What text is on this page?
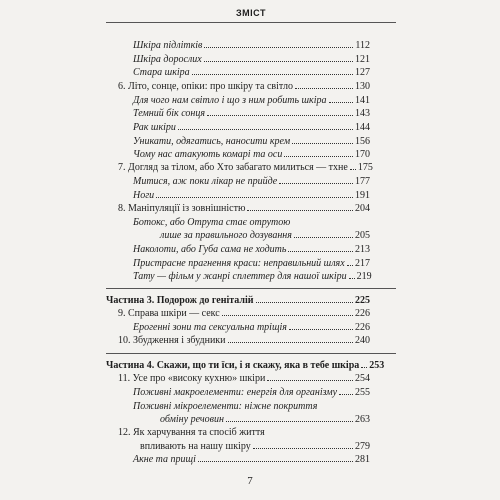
ЗМІСТ
Шкіра підлітків	112
Шкіра дорослих	121
Стара шкіра	127
6. Літо, сонце, опіки: про шкіру та світло	130
Для чого нам світло і що з ним робить шкіра	141
Темний бік сонця	143
Рак шкіри	144
Уникати, одягатись, наносити крем	156
Чому нас атакують комарі та оси	170
7. Догляд за тілом, або Хто забагато милиться — тхне 175
Митися, аж поки лікар не прийде	177
Ноги	191
8. Маніпуляції із зовнішністю	204
Ботокс, або Отрута стає отрутою
лише за правильного дозування	205
Наколоти, або Губа сама не ходить	213
Пристрасне прагнення краси: неправильний шлях 217
Тату — фільм у жанрі сплеттер для нашої шкіри 219
Частина 3. Подорож до геніталій	225
9. Справа шкіри — секс	226
Ерогенні зони та сексуальна тріщія	226
10. Збудження і збудники	240
Частина 4. Скажи, що ти їси, і я скажу, яка в тебе шкіра 253
11. Усе про «високу кухню» шкіри	254
Поживні макроелементи: енергія для організму 255
Поживні мікроелементи: ніжне покриття
обміну речовин	263
12. Як харчування та спосіб життя
впливають на нашу шкіру	279
Акне та прищі	281
7
